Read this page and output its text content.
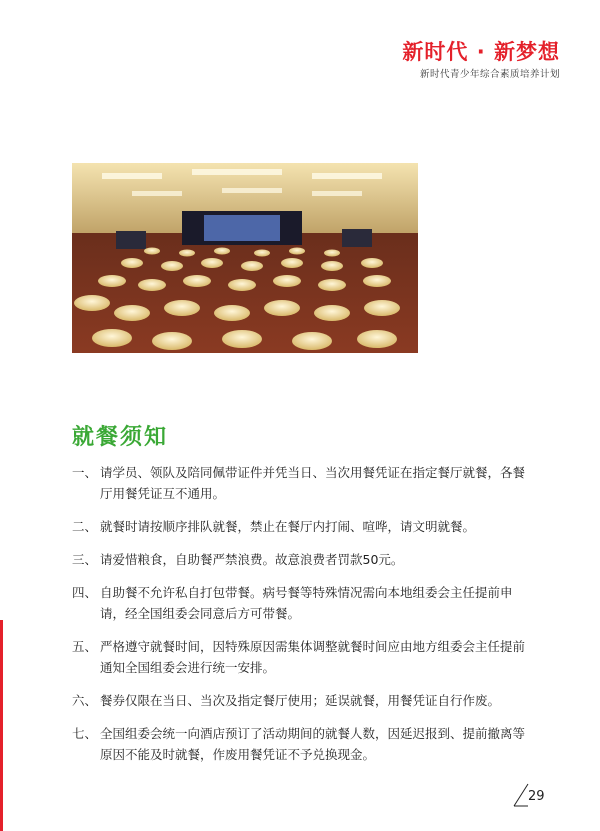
新时代 · 新梦想
新时代青少年综合素质培养计划
就餐须知
一、 请学员、领队及陪同佩带证件并凭当日、当次用餐凭证在指定餐厅就餐，各餐厅用餐凭证互不通用。
二、 就餐时请按顺序排队就餐，禁止在餐厅内打闹、喧哗，请文明就餐。
三、 请爱惜粮食，自助餐严禁浪费。故意浪费者罚款50元。
四、 自助餐不允许私自打包带餐。病号餐等特殊情况需向本地组委会主任提前申请，经全国组委会同意后方可带餐。
五、 严格遵守就餐时间，因特殊原因需集体调整就餐时间应由地方组委会主任提前通知全国组委会进行统一安排。
六、 餐券仅限在当日、当次及指定餐厅使用；延误就餐，用餐凭证自行作废。
七、 全国组委会统一向酒店预订了活动期间的就餐人数，因延迟报到、提前撤离等原因不能及时就餐，作废用餐凭证不予兑换现金。
29
